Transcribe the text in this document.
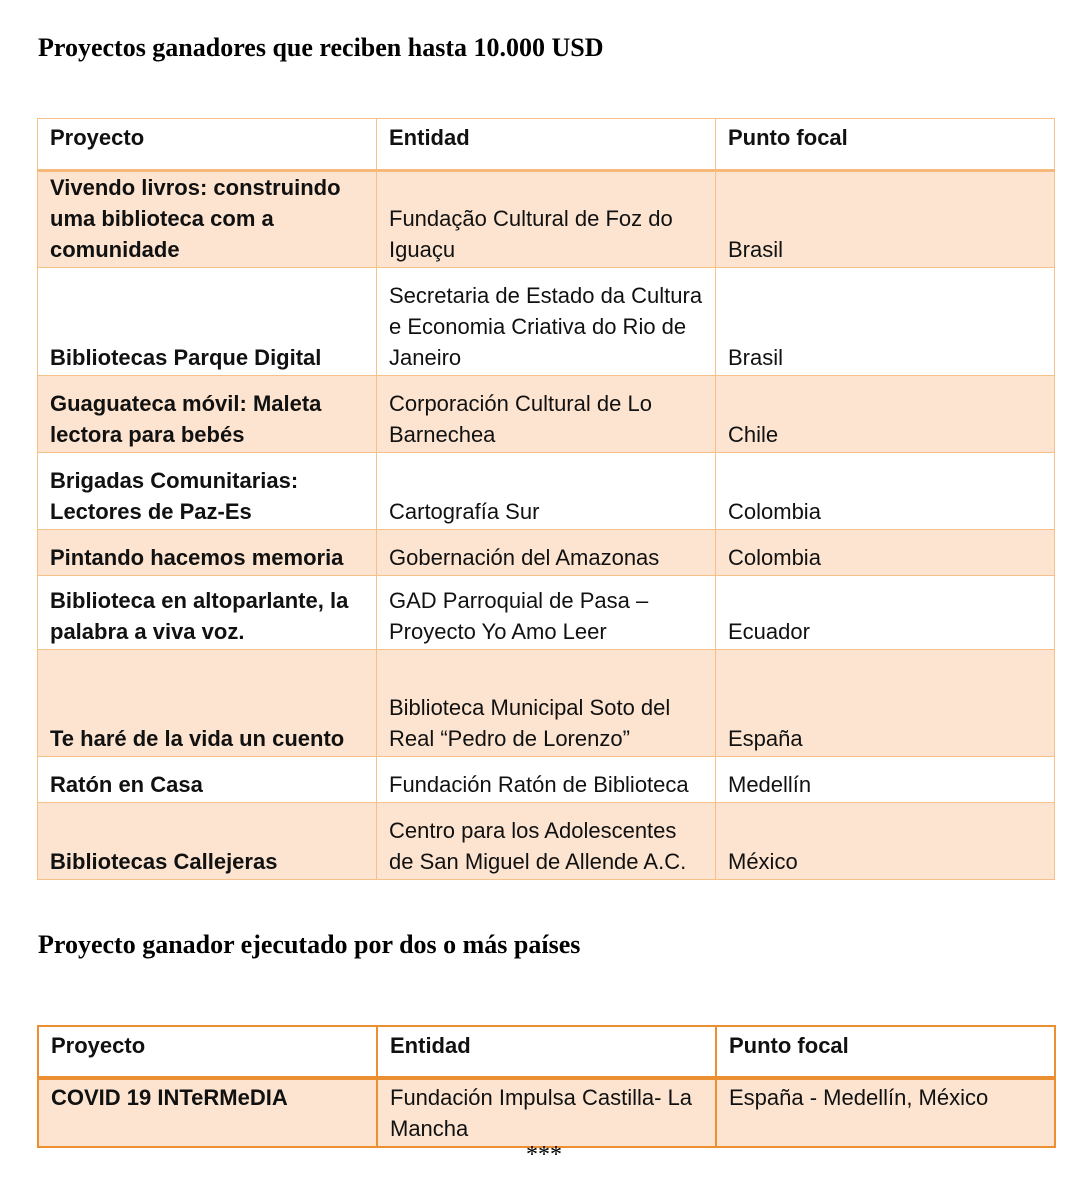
Proyectos ganadores que reciben hasta 10.000 USD
Proyecto	Entidad	Punto focal
Vivendo livros: construindo uma biblioteca com a comunidade	Fundação Cultural de Foz do Iguaçu	Brasil
Bibliotecas Parque Digital	Secretaria de Estado da Cultura e Economia Criativa do Rio de Janeiro	Brasil
Guaguateca móvil: Maleta lectora para bebés	Corporación Cultural de Lo Barnechea	Chile
Brigadas Comunitarias: Lectores de Paz-Es	Cartografía Sur	Colombia
Pintando hacemos memoria	Gobernación del Amazonas	Colombia
Biblioteca en altoparlante, la palabra a viva voz.	GAD Parroquial de Pasa – Proyecto Yo Amo Leer	Ecuador
Te haré de la vida un cuento	Biblioteca Municipal Soto del Real “Pedro de Lorenzo”	España
Ratón en Casa	Fundación Ratón de Biblioteca	Medellín
Bibliotecas Callejeras	Centro para los Adolescentes de San Miguel de Allende A.C.	México
Proyecto ganador ejecutado por dos o más países
Proyecto	Entidad	Punto focal
COVID 19 INTeRMeDIA	Fundación Impulsa Castilla- La Mancha	España - Medellín, México
***
